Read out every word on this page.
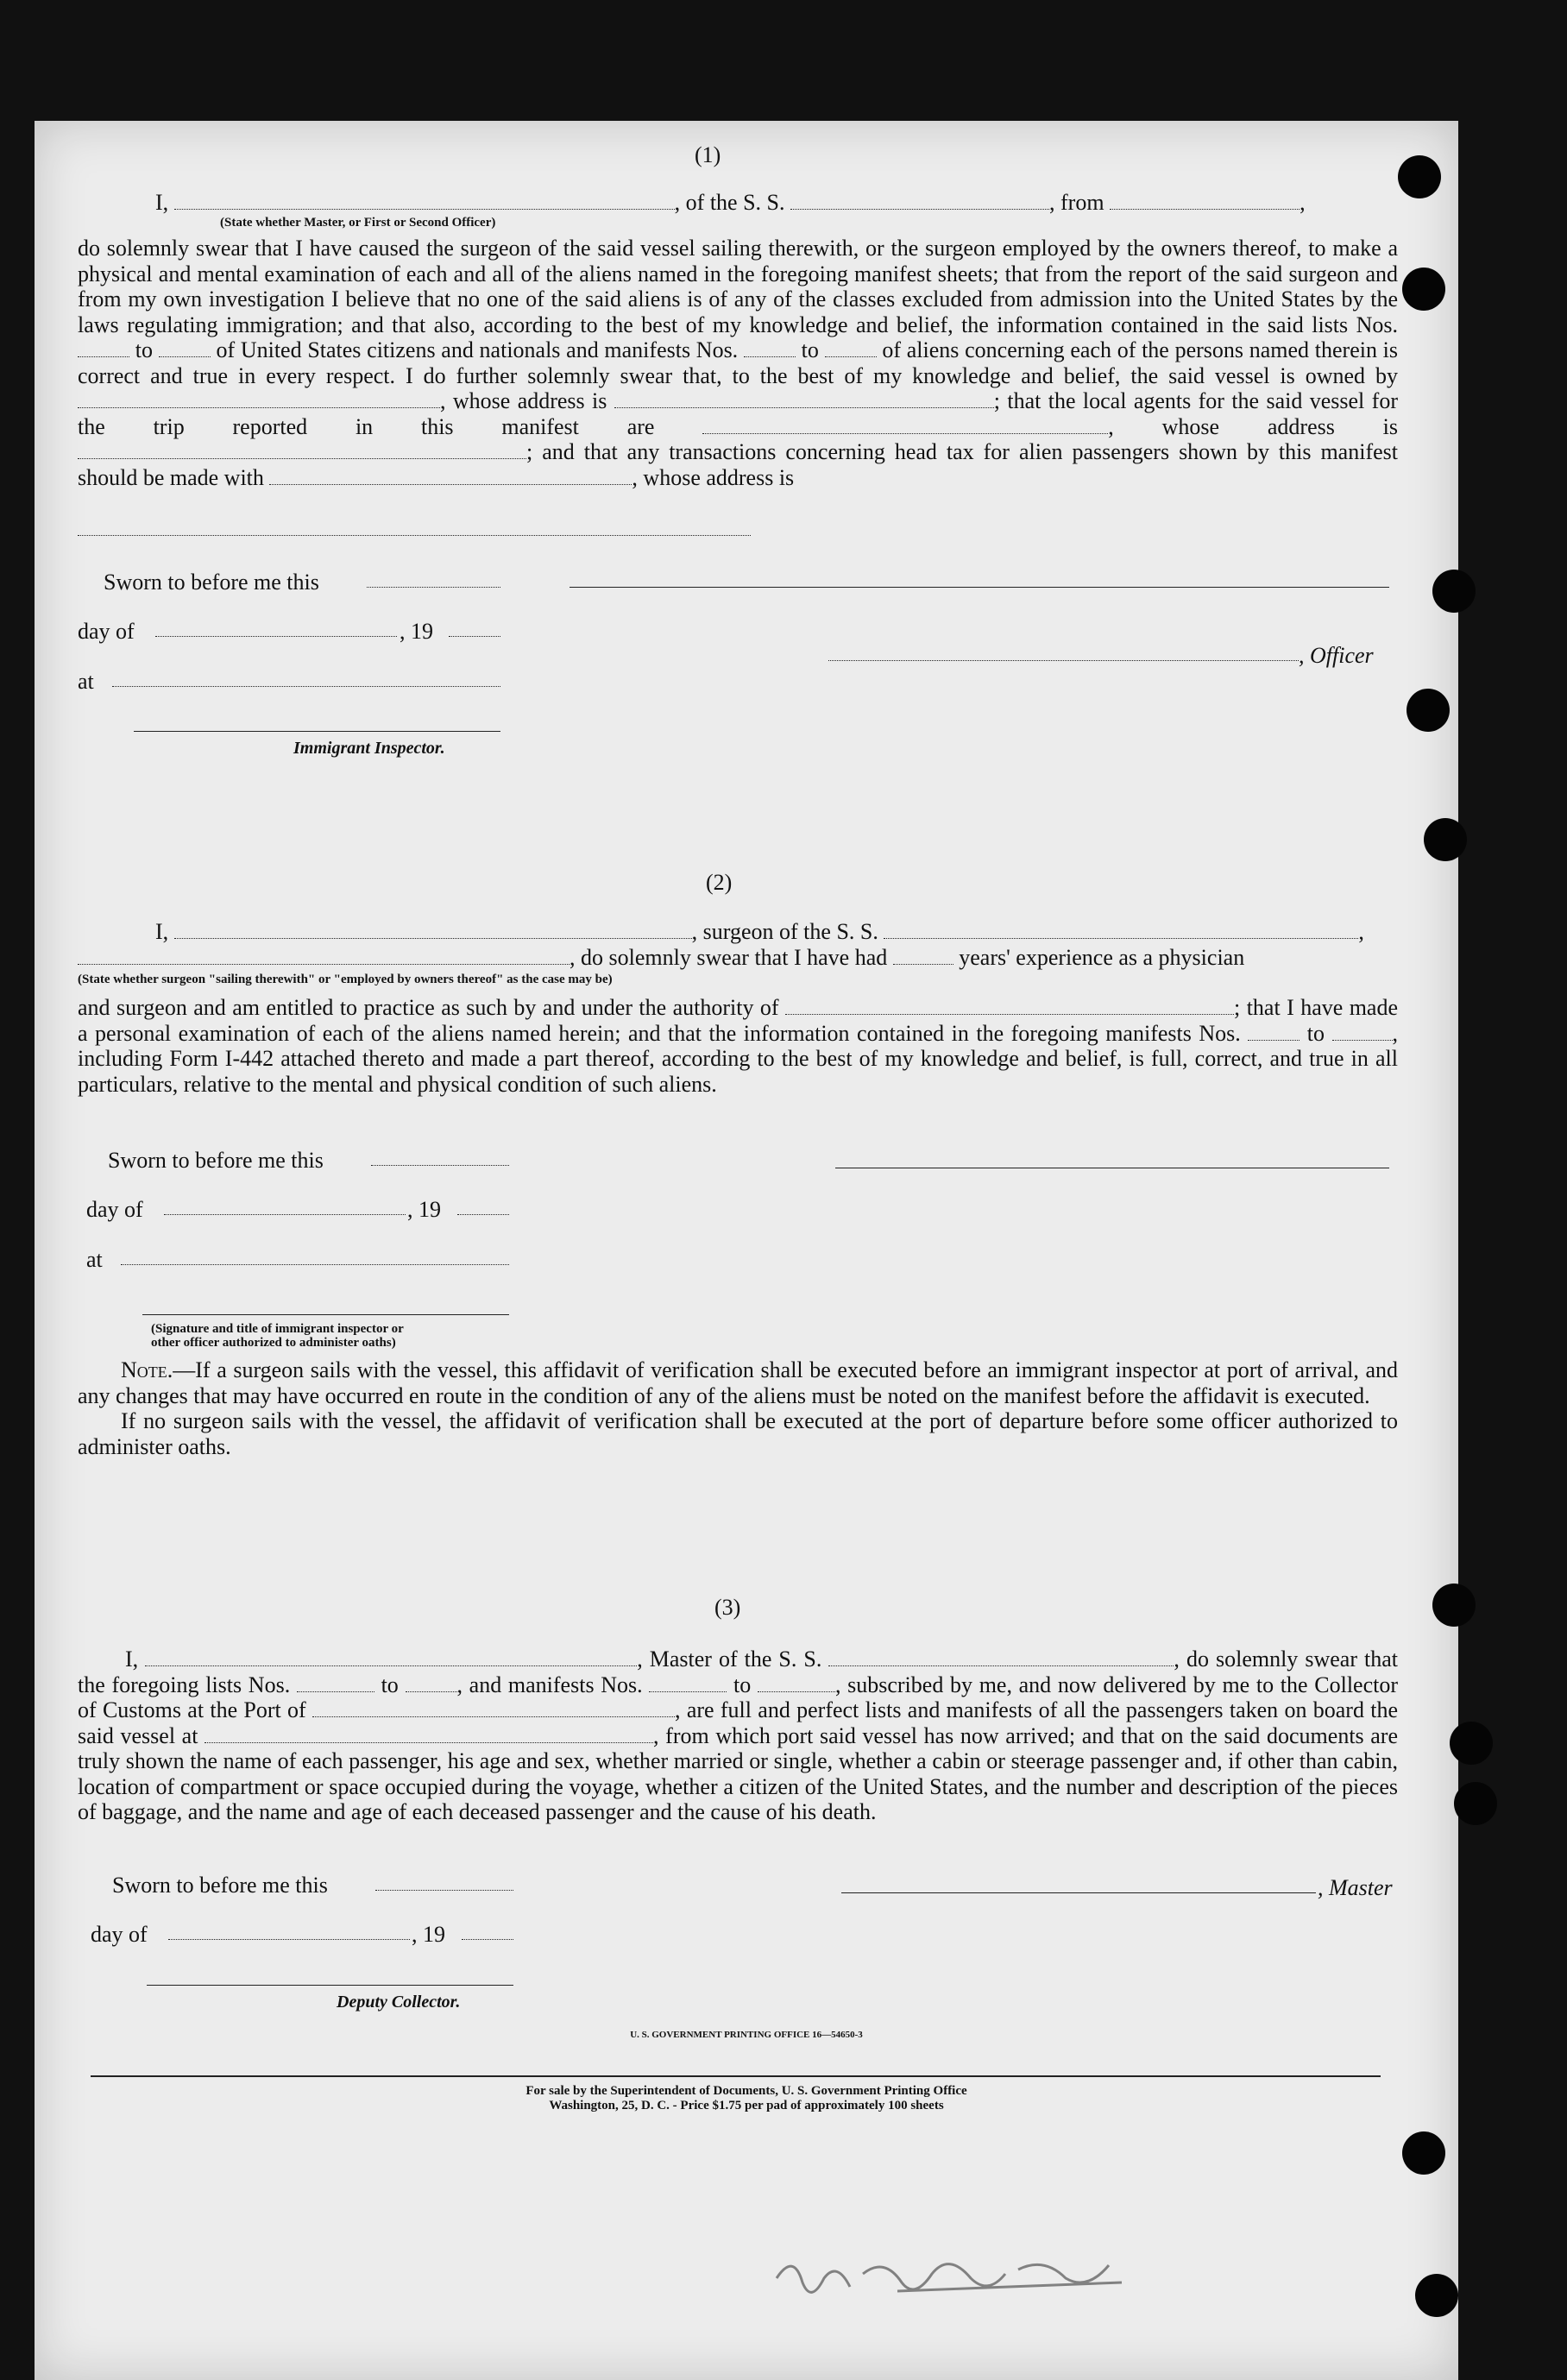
(1)
I,	, of the S. S.	, from	,
(State whether Master, or First or Second Officer)

do solemnly swear that I have caused the surgeon of the said vessel sailing therewith, or the surgeon employed by the owners thereof, to make a physical and mental examination of each and all of the aliens named in the foregoing manifest sheets; that from the report of the said surgeon and from my own investigation I believe that no one of the said aliens is of any of the classes excluded from admission into the United States by the laws regulating immigration; and that also, according to the best of my knowledge and belief, the information contained in the said lists Nos.  to	of United States citizens and nationals and manifests Nos.	to	of aliens concerning each of the persons named therein is correct and true in every respect. I do further solemnly swear that, to the best of my knowledge and belief, the said vessel is owned by , whose address is	; that the local agents for the said vessel for the trip reported in this manifest are	, whose address is ; and that any transactions concerning head tax for alien passengers shown by this manifest should be made with	, whose address is

Sworn to before me this
day of	, 19
at
, Officer
Immigrant Inspector.
(2)
I,	, surgeon of the S. S.	,
, do solemnly swear that I have had	years' experience as a physician
(State whether surgeon "sailing therewith" or "employed by owners thereof" as the case may be)

and surgeon and am entitled to practice as such by and under the authority of	; that I have made a personal examination of each of the aliens named herein; and that the information contained in the foregoing manifests Nos.	to	, including Form I-442 attached thereto and made a part thereof, according to the best of my knowledge and belief, is full, correct, and true in all particulars, relative to the mental and physical condition of such aliens.

Sworn to before me this
day of	, 19
at
(Signature and title of immigrant inspector or other officer authorized to administer oaths)

Note.—If a surgeon sails with the vessel, this affidavit of verification shall be executed before an immigrant inspector at port of arrival, and any changes that may have occurred en route in the condition of any of the aliens must be noted on the manifest before the affidavit is executed.

If no surgeon sails with the vessel, the affidavit of verification shall be executed at the port of departure before some officer authorized to administer oaths.

(3)

I,	, Master of the S. S.	, do solemnly swear that the foregoing lists Nos.	to	, and manifests Nos.	to	, subscribed by me, and now delivered by me to the Collector of Customs at the Port of	, are full and perfect lists and manifests of all the passengers taken on board the said vessel at	, from which port said vessel has now arrived; and that on the said documents are truly shown the name of each passenger, his age and sex, whether married or single, whether a cabin or steerage passenger and, if other than cabin, location of compartment or space occupied during the voyage, whether a citizen of the United States, and the number and description of the pieces of baggage, and the name and age of each deceased passenger and the cause of his death.

Sworn to before me this	, Master
day of	, 19
Deputy Collector.
U. S. GOVERNMENT PRINTING OFFICE 16—54650-3
For sale by the Superintendent of Documents, U. S. Government Printing Office
Washington, 25, D. C. - Price $1.75 per pad of approximately 100 sheets
